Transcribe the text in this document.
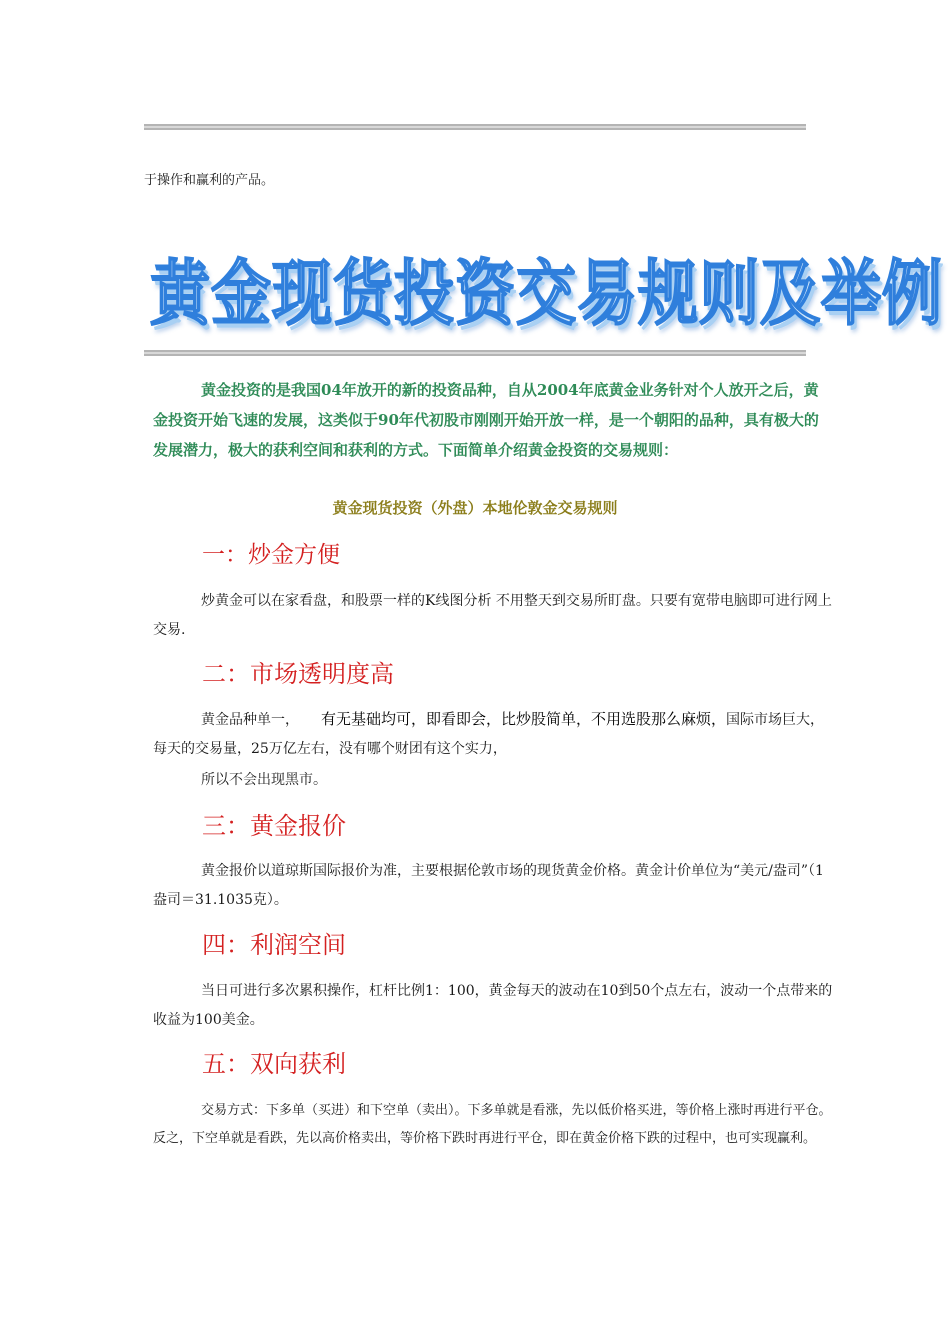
于操作和赢利的产品。
黄金现货投资交易规则及举例

黄金投资的是我国04年放开的新的投资品种，自从2004年底黄金业务针对个人放开之后，黄金投资开始飞速的发展，这类似于90年代初股市刚刚开始开放一样，是一个朝阳的品种，具有极大的发展潜力，极大的获利空间和获利的方式。下面简单介绍黄金投资的交易规则：

黄金现货投资（外盘）本地伦敦金交易规则
一：炒金方便

炒黄金可以在家看盘，和股票一样的K线图分析 不用整天到交易所盯盘。只要有宽带电脑即可进行网上交易.

二：市场透明度高

黄金品种单一， 有无基础均可，即看即会，比炒股简单，不用选股那么麻烦，国际市场巨大，每天的交易量，25万亿左右，没有哪个财团有这个实力，

所以不会出现黑市。
三：黄金报价

黄金报价以道琼斯国际报价为准，主要根据伦敦市场的现货黄金价格。黄金计价单位为“美元/盎司”（1 盎司＝31.1035克）。

四：利润空间

当日可进行多次累积操作，杠杆比例1：100，黄金每天的波动在10到50个点左右，波动一个点带来的收益为100美金。

五：双向获利

交易方式：下多单（买进）和下空单（卖出）。下多单就是看涨，先以低价格买进，等价格上涨时再进行平仓。反之，下空单就是看跌，先以高价格卖出，等价格下跌时再进行平仓，即在黄金价格下跌的过程中，也可实现赢利。
